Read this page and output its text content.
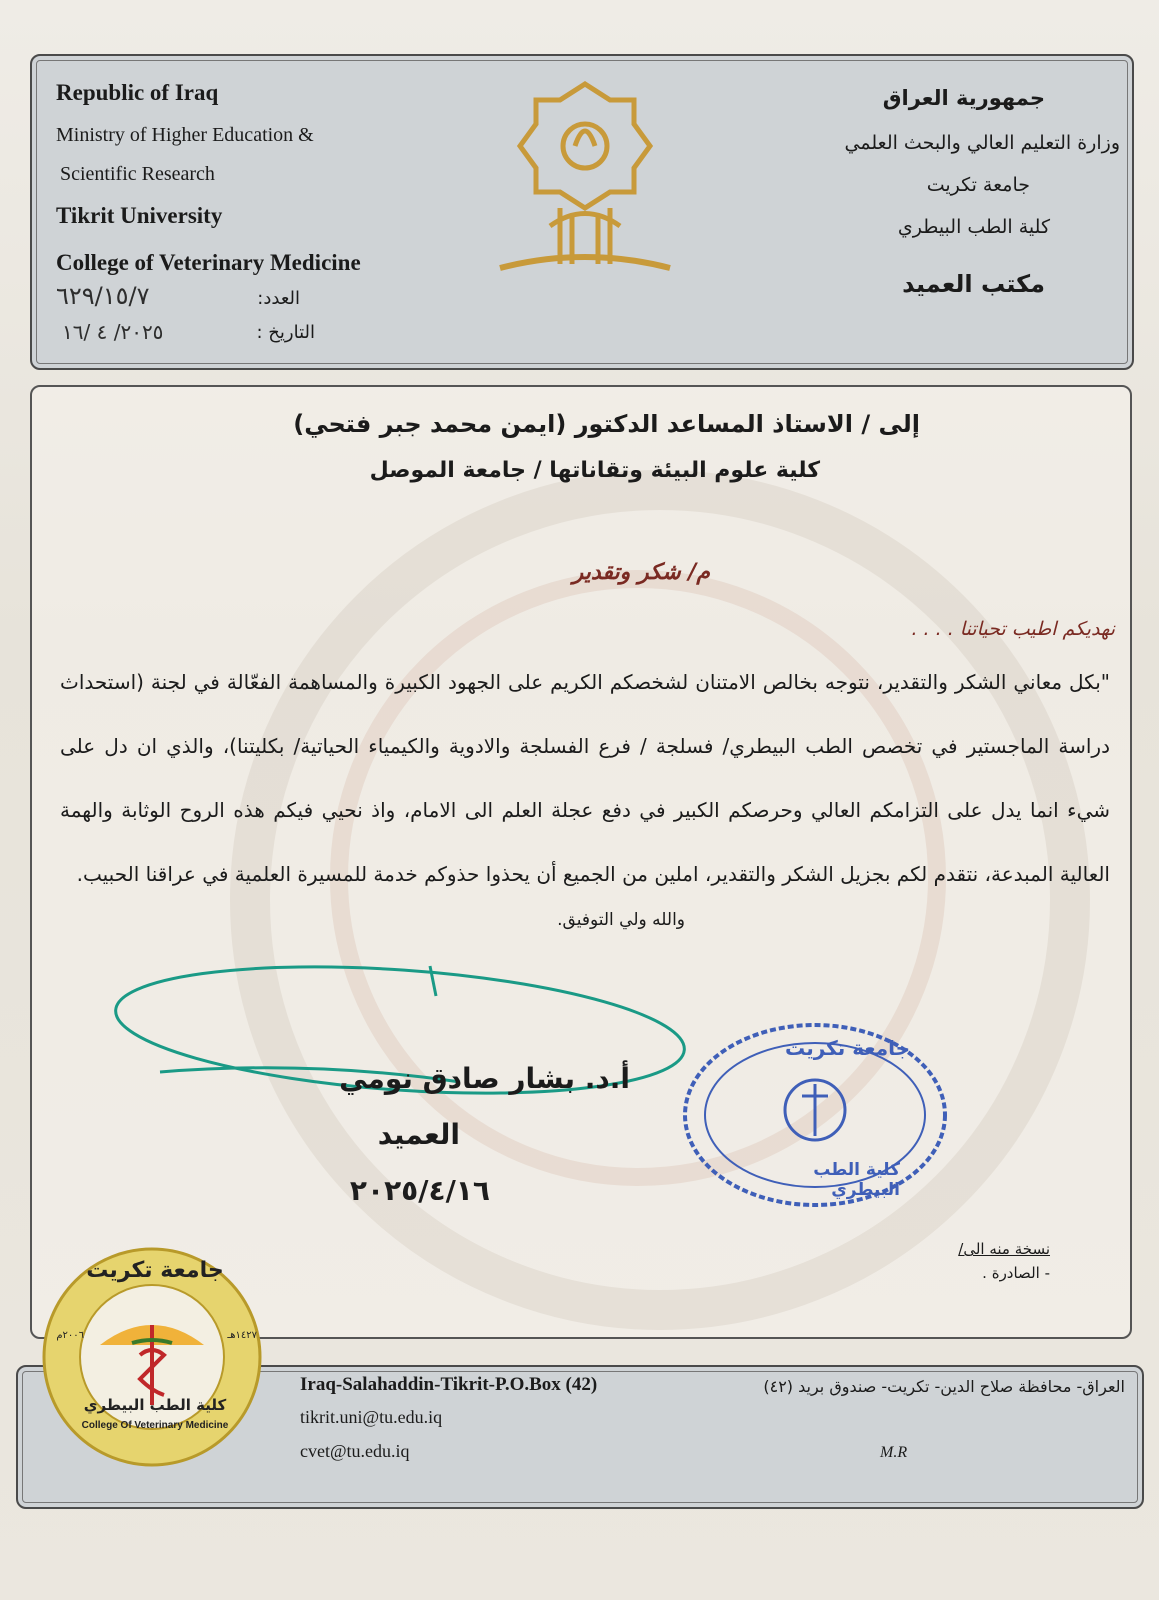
Republic of Iraq
Ministry of Higher Education &
Scientific Research
Tikrit University
College of Veterinary Medicine
العدد:
٦٢٩/١٥/٧
التاريخ :
٢٠٢٥/ ٤ /١٦
جمهورية العراق
وزارة التعليم العالي والبحث العلمي
جامعة تكريت
كلية الطب البيطري
مكتب العميد
إلى / الاستاذ المساعد الدكتور (ايمن محمد جبر فتحي)
كلية علوم البيئة وتقاناتها / جامعة الموصل
م/ شكر وتقدير
نهديكم اطيب تحياتنا . . . .
"بكل معاني الشكر والتقدير، نتوجه بخالص الامتنان لشخصكم الكريم على الجهود الكبيرة والمساهمة الفعّالة في لجنة (استحداث دراسة الماجستير في تخصص الطب البيطري/ فسلجة / فرع الفسلجة والادوية والكيمياء الحياتية/ بكليتنا)، والذي ان دل على شيء انما يدل على التزامكم العالي وحرصكم الكبير في دفع عجلة العلم الى الامام، واذ نحيي فيكم هذه الروح الوثابة والهمة العالية المبدعة، نتقدم لكم بجزيل الشكر والتقدير، املين من الجميع أن يحذوا حذوكم خدمة للمسيرة العلمية في عراقنا الحبيب.
والله ولي التوفيق.
أ.د. بشار صادق نومي
العميد
٢٠٢٥/٤/١٦
جامعة تكريت
كلية الطب البيطري
نسخة منه الى/
- الصادرة .
جامعة تكريت
كلية الطب البيطري
College Of Veterinary Medicine
١٤٢٧هـ
٢٠٠٦م
Iraq-Salahaddin-Tikrit-P.O.Box (42)
tikrit.uni@tu.edu.iq
cvet@tu.edu.iq
العراق- محافظة صلاح الدين- تكريت- صندوق بريد (٤٢)
M.R
